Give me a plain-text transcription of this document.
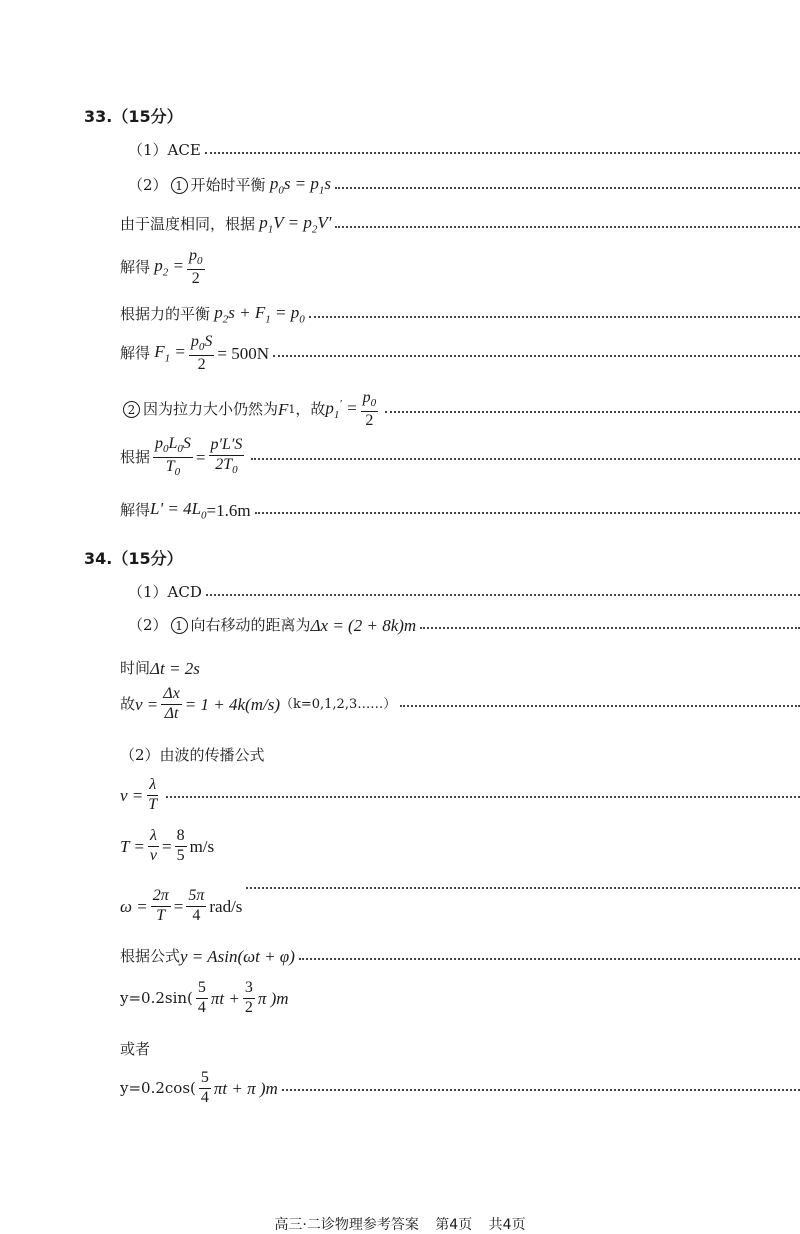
33.（15分）
（1） ACE
（2） 1 开始时平衡 $p_0s = p_1s$
由于温度相同，根据 $p_1V = p_2V'$
解得 $p_2 = \frac{p_0}{2}$
根据力的平衡 $p_2s + F_1 = p_0$
解得 $F_1 = \frac{p_0S}{2} = 500N$
2 因为拉力大小仍然为 F 1 ，故 $p_1' = \frac{p_0}{2}$
根据 $\frac{p_0L_0S}{T_0} = \frac{p'L'S}{2T_0}$
解得 $L' = 4L_0 =1.6m$
34.（15分）
（1） ACD
（2） 1 向右移动的距离为 Δx = (2 + 8k)m
时间 Δt = 2s
故 $v = \frac{\Delta x}{\Delta t} = 1 + 4k(m/s)$ （k=0,1,2,3……）
（2）由波的传播公式
$v = \frac{\lambda}{T}$
$T = \frac{\lambda}{v} = \frac{8}{5} m/s$
$\omega = \frac{2\pi}{T} = \frac{5\pi}{4} rad/s$
根据公式 y = Asin(ωt + φ)
$y=0.2\sin( \frac{5}{4}$ $\pi t + \frac{3}{2}$ π )m
或者
$y=0.2\cos( \frac{5}{4}$ πt + π )m
高三·二诊物理参考答案 第4页 共4页
